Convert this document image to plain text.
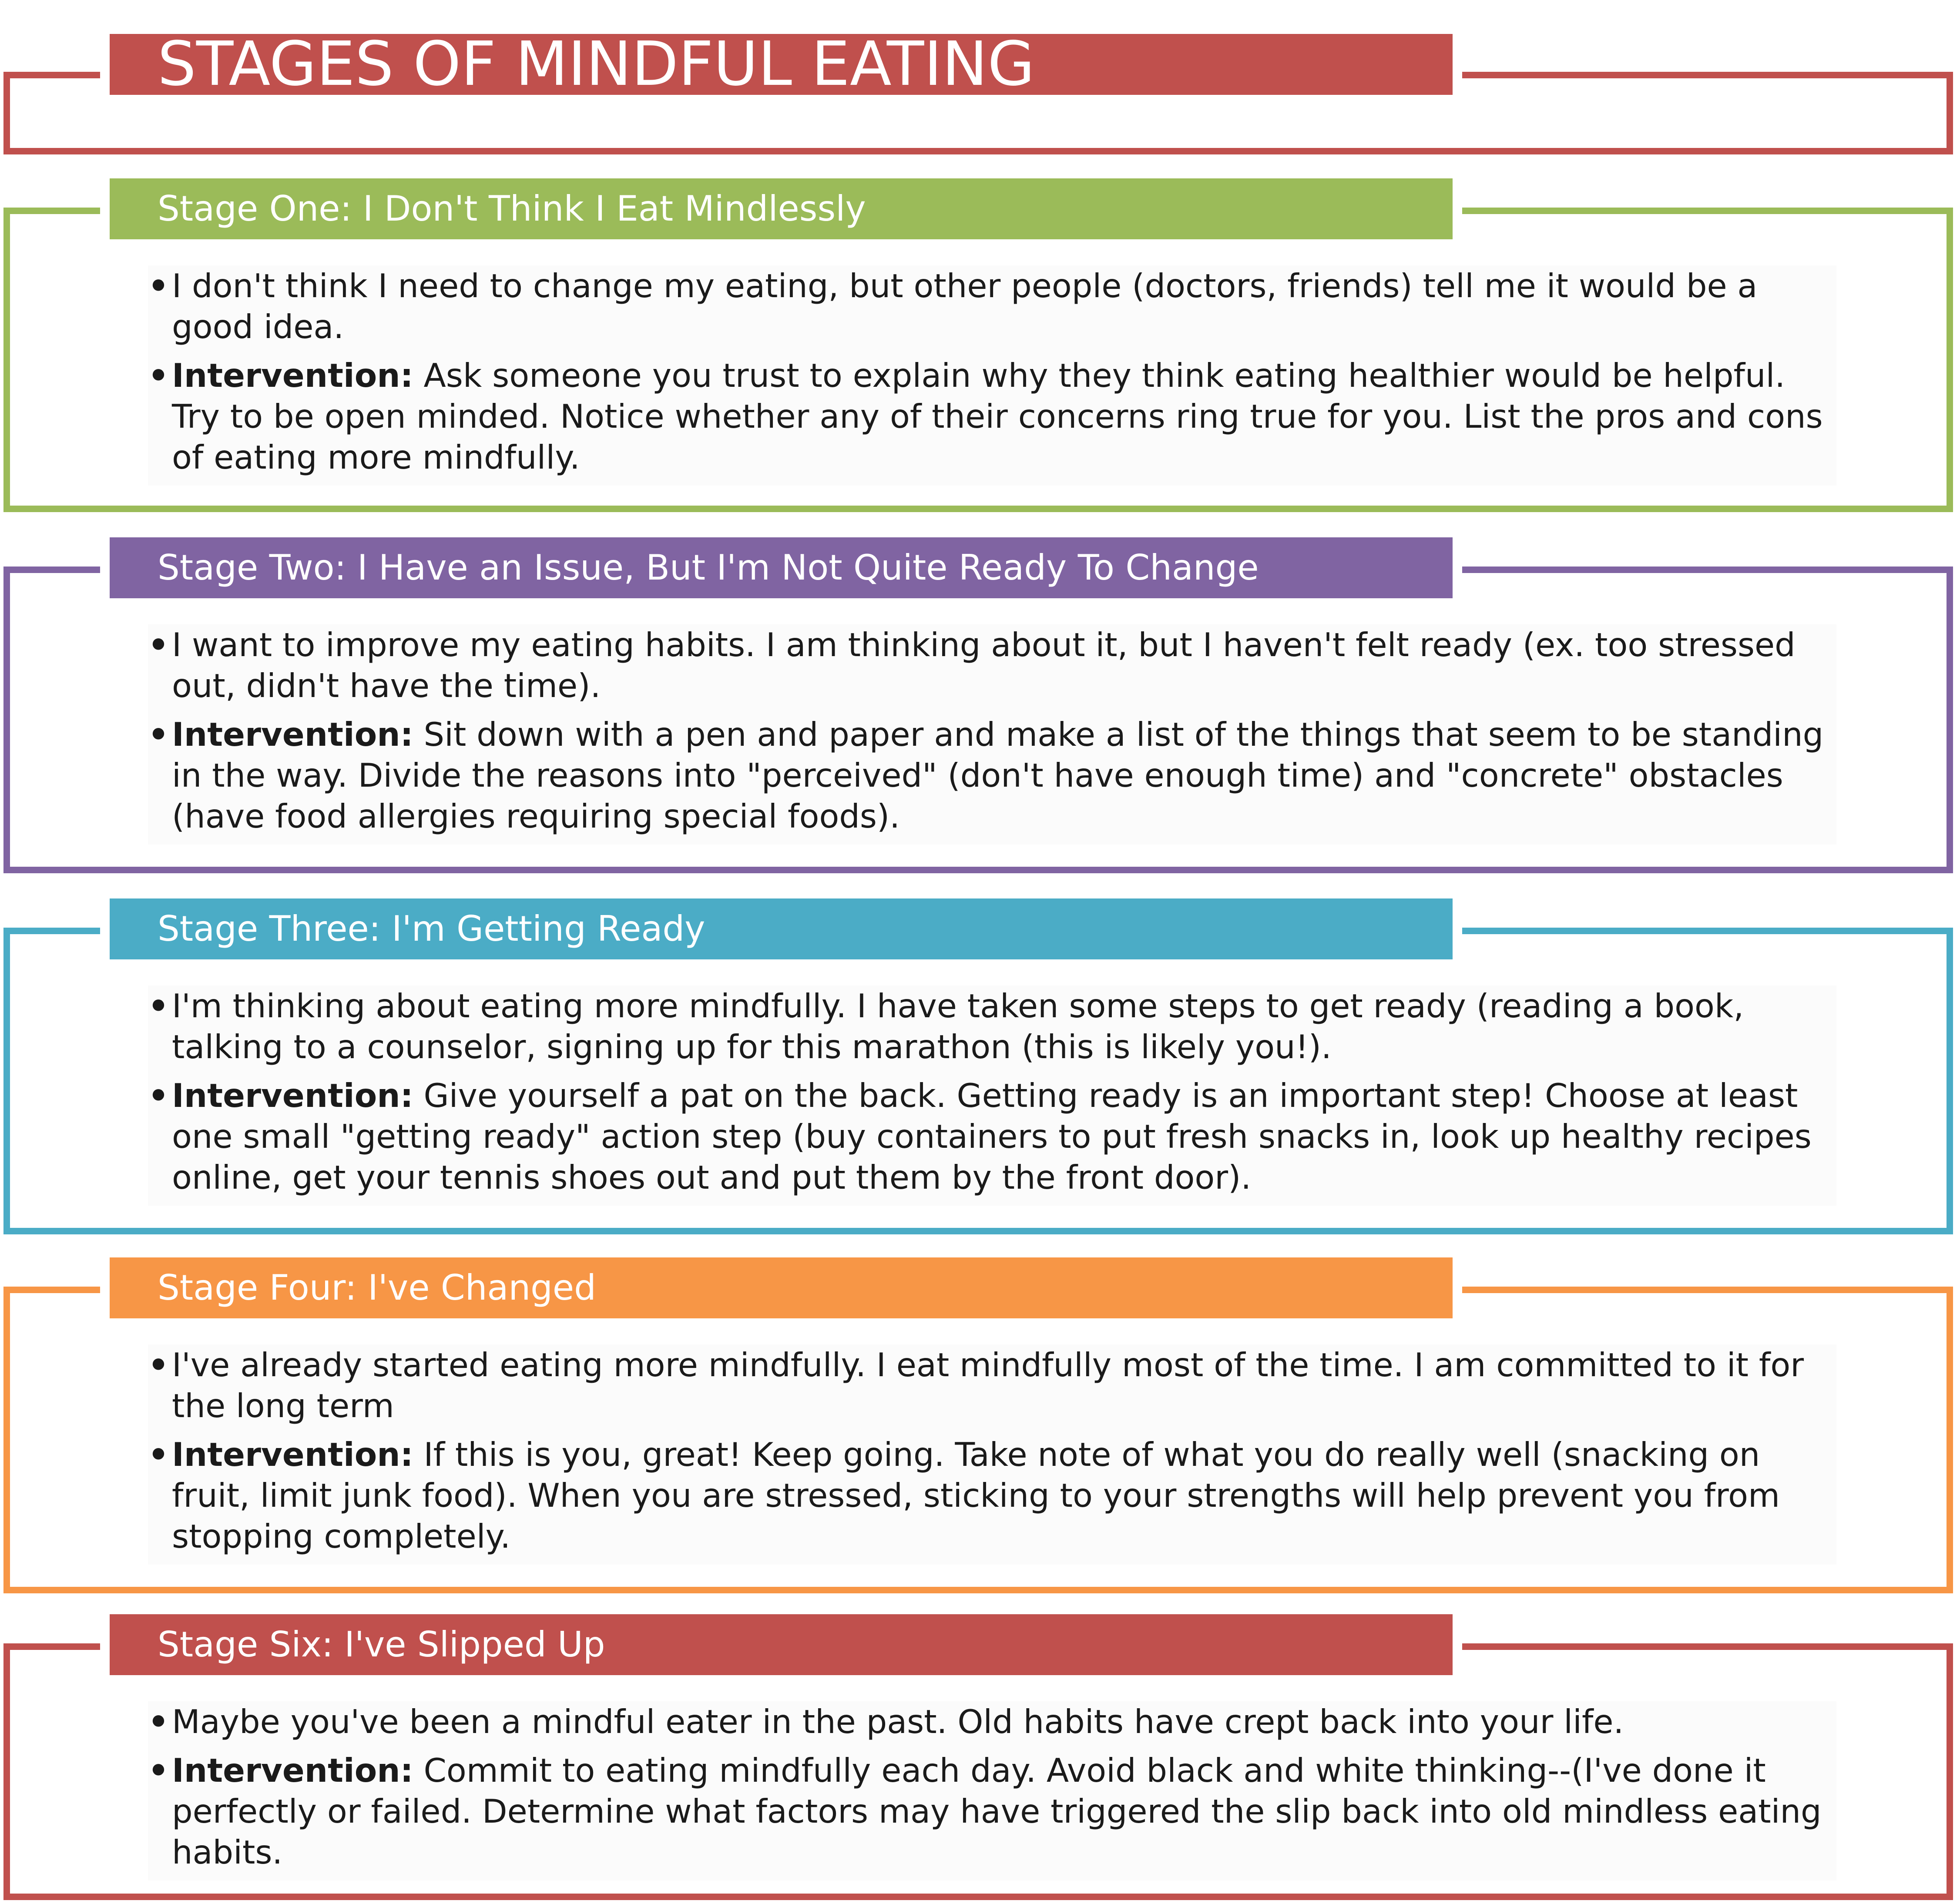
STAGES OF MINDFUL EATING
Stage One: I Don't Think I Eat Mindlessly
• I don't think I need to change my eating, but other people (doctors, friends) tell me it would be a good idea.
• Intervention: Ask someone you trust to explain why they think eating healthier would be helpful. Try to be open minded. Notice whether any of their concerns ring true for you. List the pros and cons of eating more mindfully.
Stage Two: I Have an Issue, But I'm Not Quite Ready To Change
• I want to improve my eating habits. I am thinking about it, but I haven't felt ready (ex. too stressed out, didn't have the time).
• Intervention: Sit down with a pen and paper and make a list of the things that seem to be standing in the way. Divide the reasons into "perceived" (don't have enough time) and "concrete" obstacles (have food allergies requiring special foods).
Stage Three: I'm Getting Ready
• I'm thinking about eating more mindfully. I have taken some steps to get ready (reading a book, talking to a counselor, signing up for this marathon (this is likely you!).
• Intervention: Give yourself a pat on the back. Getting ready is an important step! Choose at least one small "getting ready" action step (buy containers to put fresh snacks in, look up healthy recipes online, get your tennis shoes out and put them by the front door).
Stage Four: I've Changed
• I've already started eating more mindfully. I eat mindfully most of the time. I am committed to it for the long term
• Intervention: If this is you, great! Keep going. Take note of what you do really well (snacking on fruit, limit junk food). When you are stressed, sticking to your strengths will help prevent you from stopping completely.
Stage Six: I've Slipped Up
• Maybe you've been a mindful eater in the past. Old habits have crept back into your life.
• Intervention: Commit to eating mindfully each day. Avoid black and white thinking--(I've done it perfectly or failed. Determine what factors may have triggered the slip back into old mindless eating habits.
